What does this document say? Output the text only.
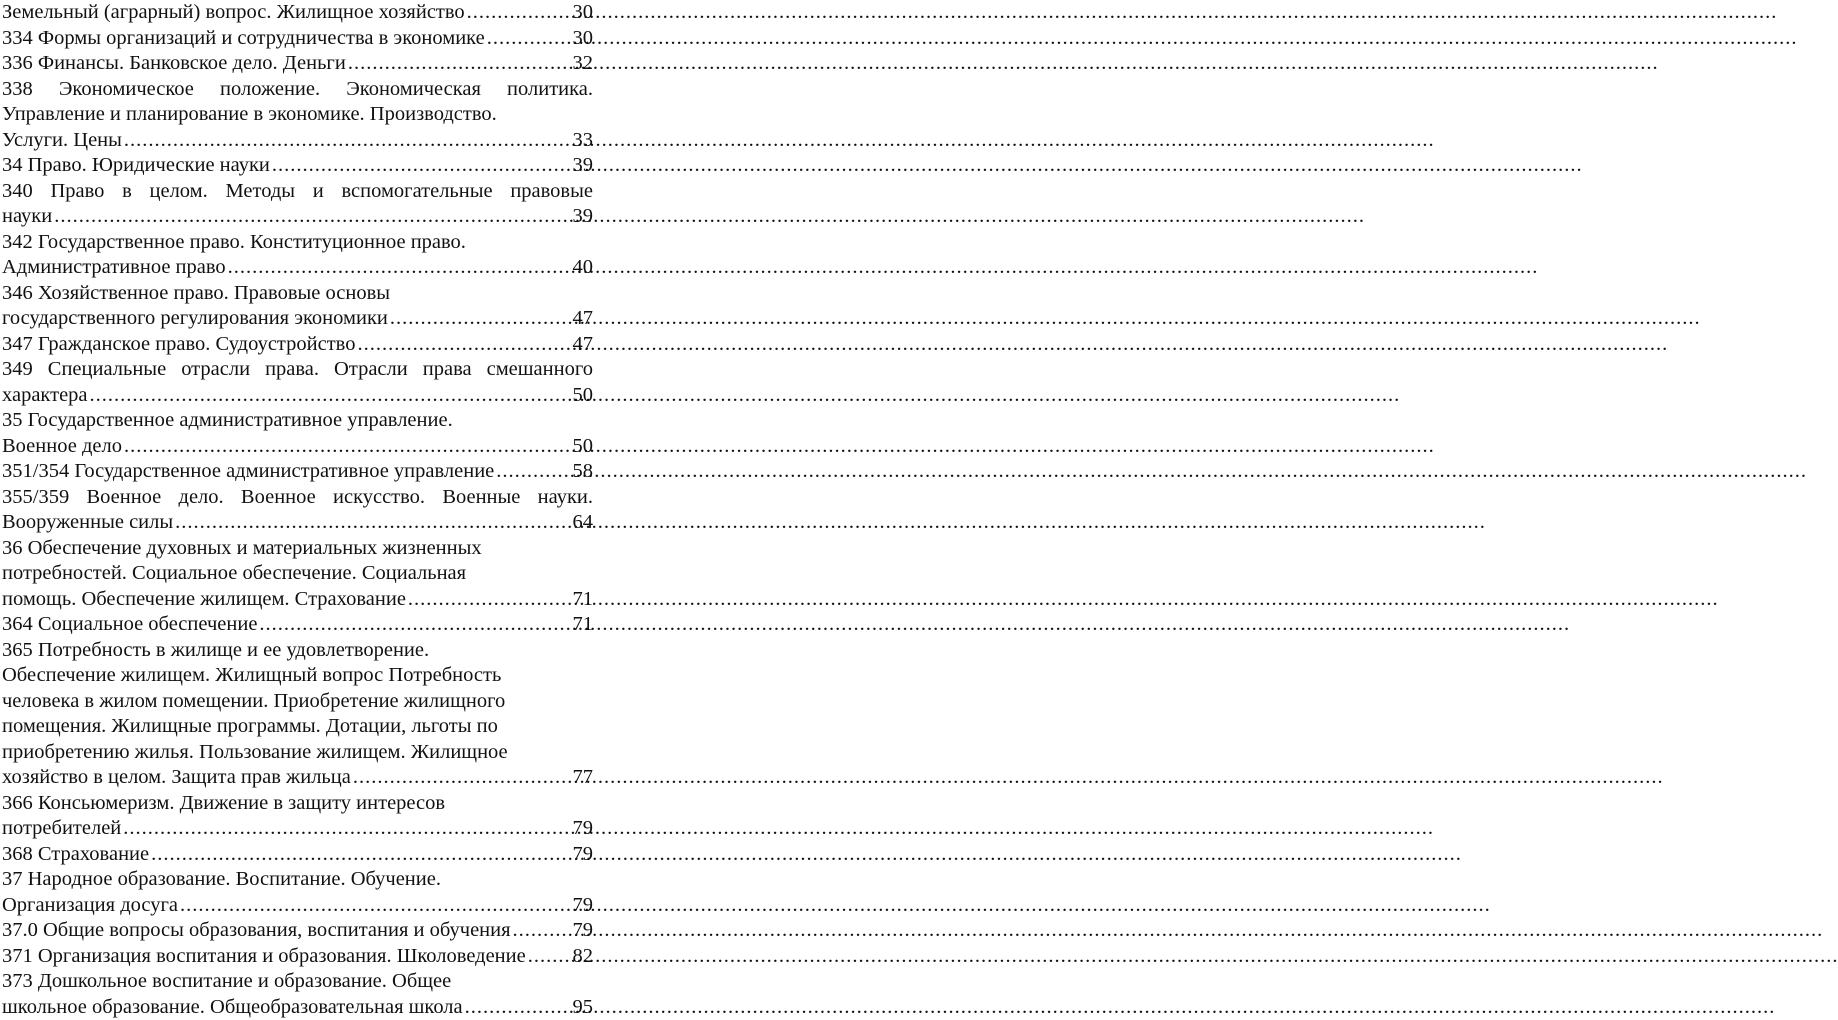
Земельный (аграрный) вопрос. Жилищное хозяйство .....	30
334 Формы организаций и сотрудничества в экономике .....	30
336 Финансы. Банковское дело. Деньги .....	32
338 Экономическое положение. Экономическая политика.
Управление и планирование в экономике. Производство.
Услуги. Цены .....	33
34 Право. Юридические науки .....	39
340 Право в целом. Методы и вспомогательные правовые
науки .....	39
342 Государственное право. Конституционное право.
Административное право .....	40
346 Хозяйственное право. Правовые основы
государственного регулирования экономики .....	47
347 Гражданское право. Судоустройство .....	47
349 Специальные отрасли права. Отрасли права смешанного
характера .....	50
35 Государственное административное управление.
Военное дело .....	50
351/354 Государственное административное управление .....	58
355/359 Военное дело. Военное искусство. Военные науки.
Вооруженные силы .....	64
36 Обеспечение духовных и материальных жизненных
потребностей. Социальное обеспечение. Социальная
помощь. Обеспечение жилищем. Страхование .....	71
364 Социальное обеспечение .....	71
365 Потребность в жилище и ее удовлетворение.
Обеспечение жилищем. Жилищный вопрос Потребность
человека в жилом помещении. Приобретение жилищного
помещения. Жилищные программы. Дотации, льготы по
приобретению жилья. Пользование жилищем. Жилищное
хозяйство в целом. Защита прав жильца .....	77
366 Консьюмеризм. Движение в защиту интересов
потребителей .....	79
368 Страхование .....	79
37 Народное образование. Воспитание. Обучение.
Организация досуга .....	79
37.0 Общие вопросы образования, воспитания и обучения .....	79
371 Организация воспитания и образования. Школоведение ..... 82
373 Дошкольное воспитание и образование. Общее
школьное образование. Общеобразовательная школа .....	95
